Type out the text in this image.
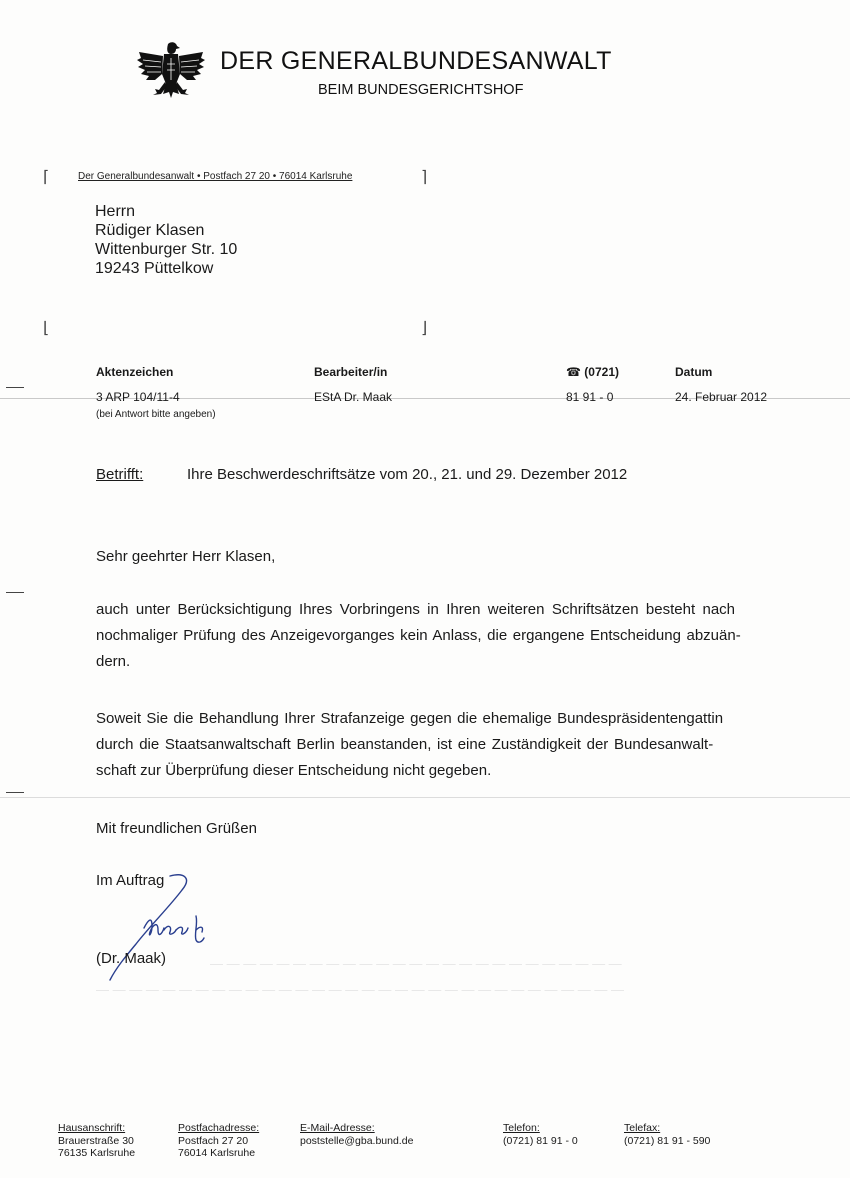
DER GENERALBUNDESANWALT
BEIM BUNDESGERICHTSHOF
⌈	⌉
⌊	⌋
Der Generalbundesanwalt • Postfach 27 20 • 76014 Karlsruhe
Herrn
Rüdiger Klasen
Wittenburger Str. 10
19243 Püttelkow
Aktenzeichen	Bearbeiter/in	☎ (0721)	Datum
3 ARP 104/11-4	EStA Dr. Maak	81 91 - 0	24. Februar 2012
(bei Antwort bitte angeben)
Betrifft:	Ihre Beschwerdeschriftsätze vom 20., 21. und 29. Dezember 2012
Sehr geehrter Herr Klasen,
auch unter Berücksichtigung Ihres Vorbringens in Ihren weiteren Schriftsätzen besteht nach
nochmaliger Prüfung des Anzeigevorganges kein Anlass, die ergangene Entscheidung abzuän-
dern.
Soweit Sie die Behandlung Ihrer Strafanzeige gegen die ehemalige Bundespräsidentengattin
durch die Staatsanwaltschaft Berlin beanstanden, ist eine Zuständigkeit der Bundesanwalt-
schaft zur Überprüfung dieser Entscheidung nicht gegeben.
Mit freundlichen Grüßen
Im Auftrag
(Dr. Maak)	— — — — — — — — — — — — — — — — — — — — — — — — —
— — — — — — — — — — — — — — — — — — — — — — — — — — — — — — — —
Hausanschrift:
Brauerstraße 30
76135 Karlsruhe
Postfachadresse:
Postfach 27 20
76014 Karlsruhe
E-Mail-Adresse:
poststelle@gba.bund.de
Telefon:
(0721) 81 91 - 0
Telefax:
(0721) 81 91 - 590
